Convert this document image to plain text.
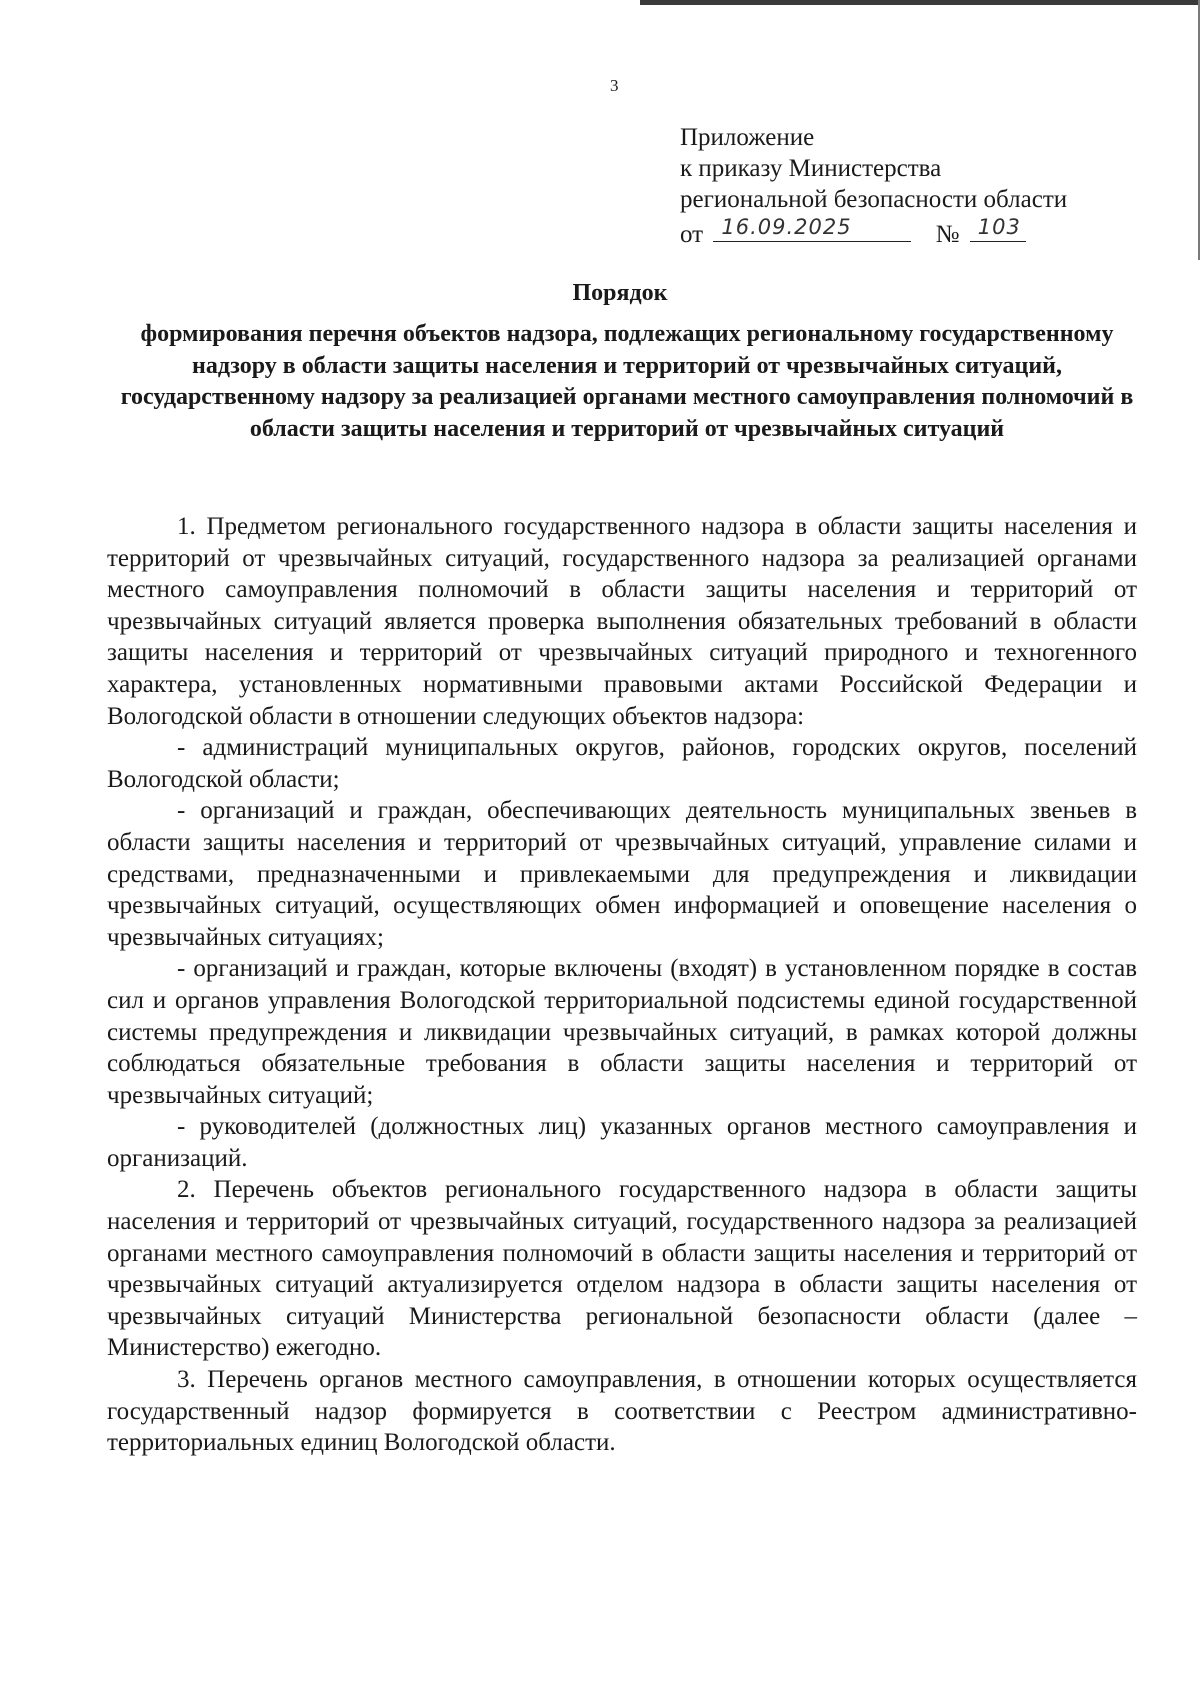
3
Приложение
к приказу Министерства
региональной безопасности области
от 16.09.2025	№ 103
Порядок
формирования перечня объектов надзора, подлежащих региональному государственному надзору в области защиты населения и территорий от чрезвычайных ситуаций, государственному надзору за реализацией органами местного самоуправления полномочий в области защиты населения и территорий от чрезвычайных ситуаций

1. Предметом регионального государственного надзора в области защиты населения и территорий от чрезвычайных ситуаций, государственного надзора за реализацией органами местного самоуправления полномочий в области защиты населения и территорий от чрезвычайных ситуаций является проверка выполнения обязательных требований в области защиты населения и территорий от чрезвычайных ситуаций природного и техногенного характера, установленных нормативными правовыми актами Российской Федерации и Вологодской области в отношении следующих объектов надзора:

- администраций муниципальных округов, районов, городских округов, поселений Вологодской области;

- организаций и граждан, обеспечивающих деятельность муниципальных звеньев в области защиты населения и территорий от чрезвычайных ситуаций, управление силами и средствами, предназначенными и привлекаемыми для предупреждения и ликвидации чрезвычайных ситуаций, осуществляющих обмен информацией и оповещение населения о чрезвычайных ситуациях;

- организаций и граждан, которые включены (входят) в установленном порядке в состав сил и органов управления Вологодской территориальной подсистемы единой государственной системы предупреждения и ликвидации чрезвычайных ситуаций, в рамках которой должны соблюдаться обязательные требования в области защиты населения и территорий от чрезвычайных ситуаций;

- руководителей (должностных лиц) указанных органов местного самоуправления и организаций.

2. Перечень объектов регионального государственного надзора в области защиты населения и территорий от чрезвычайных ситуаций, государственного надзора за реализацией органами местного самоуправления полномочий в области защиты населения и территорий от чрезвычайных ситуаций актуализируется отделом надзора в области защиты населения от чрезвычайных ситуаций Министерства региональной безопасности области (далее – Министерство) ежегодно.

3. Перечень органов местного самоуправления, в отношении которых осуществляется государственный надзор формируется в соответствии с Реестром административно-территориальных единиц Вологодской области.
